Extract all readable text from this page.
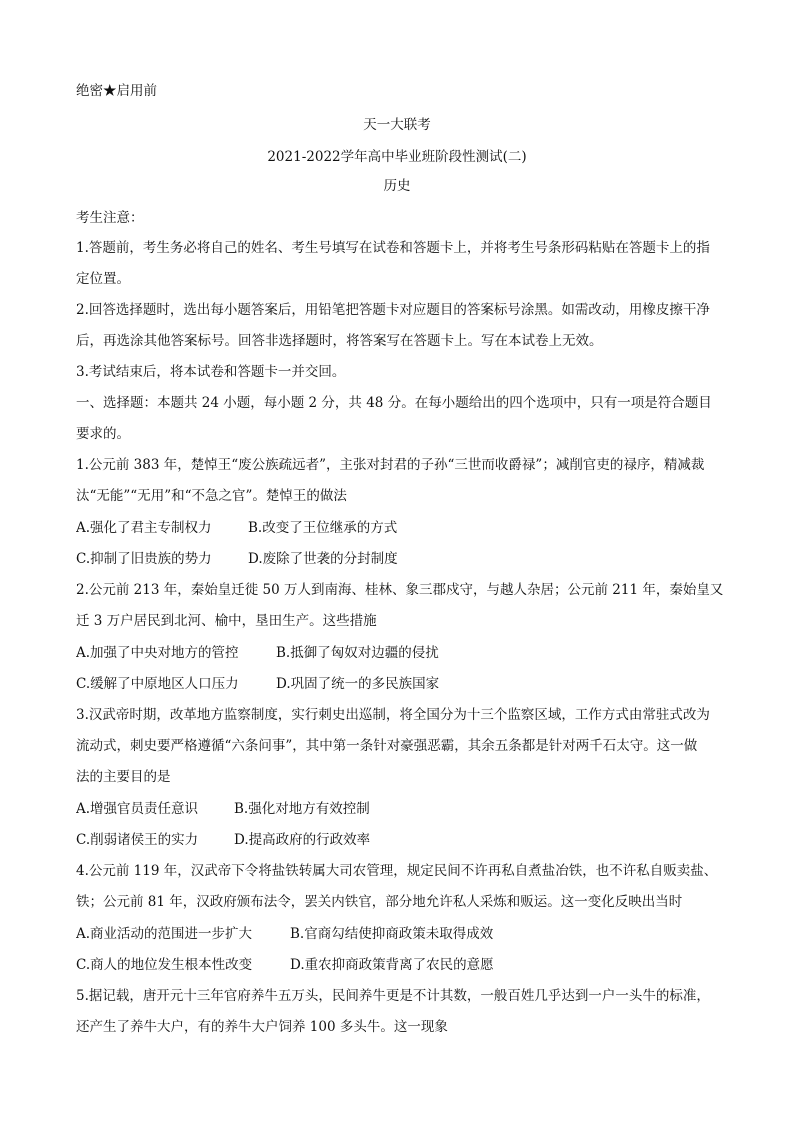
绝密★启用前
天一大联考
2021-2022学年高中毕业班阶段性测试(二)
历史
考生注意：
1.答题前，考生务必将自己的姓名、考生号填写在试卷和答题卡上，并将考生号条形码粘贴在答题卡上的指
定位置。
2.回答选择题时，选出每小题答案后，用铅笔把答题卡对应题目的答案标号涂黑。如需改动，用橡皮擦干净
后，再选涂其他答案标号。回答非选择题时，将答案写在答题卡上。写在本试卷上无效。
3.考试结束后，将本试卷和答题卡一并交回。
一、选择题：本题共 24 小题，每小题 2 分，共 48 分。在每小题给出的四个选项中，只有一项是符合题目
要求的。
1.公元前 383 年，楚悼王“废公族疏远者”，主张对封君的子孙“三世而收爵禄”；减削官吏的禄序，精减裁
汰“无能”“无用”和“不急之官”。楚悼王的做法
A.强化了君主专制权力	B.改变了王位继承的方式
C.抑制了旧贵族的势力	D.废除了世袭的分封制度
2.公元前 213 年，秦始皇迁徙 50 万人到南海、桂林、象三郡戍守，与越人杂居；公元前 211 年，秦始皇又
迁 3 万户居民到北河、榆中，垦田生产。这些措施
A.加强了中央对地方的管控	B.抵御了匈奴对边疆的侵扰
C.缓解了中原地区人口压力	D.巩固了统一的多民族国家
3.汉武帝时期，改革地方监察制度，实行刺史出巡制，将全国分为十三个监察区域，工作方式由常驻式改为
流动式，刺史要严格遵循“六条问事”，其中第一条针对豪强恶霸，其余五条都是针对两千石太守。这一做
法的主要目的是
A.增强官员责任意识	B.强化对地方有效控制
C.削弱诸侯王的实力	D.提高政府的行政效率
4.公元前 119 年，汉武帝下令将盐铁转属大司农管理，规定民间不许再私自煮盐冶铁，也不许私自贩卖盐、
铁；公元前 81 年，汉政府颁布法令，罢关内铁官，部分地允许私人采炼和贩运。这一变化反映出当时
A.商业活动的范围进一步扩大	B.官商勾结使抑商政策未取得成效
C.商人的地位发生根本性改变	D.重农抑商政策背离了农民的意愿
5.据记载，唐开元十三年官府养牛五万头，民间养牛更是不计其数，一般百姓几乎达到一户一头牛的标准，
还产生了养牛大户，有的养牛大户饲养 100 多头牛。这一现象
